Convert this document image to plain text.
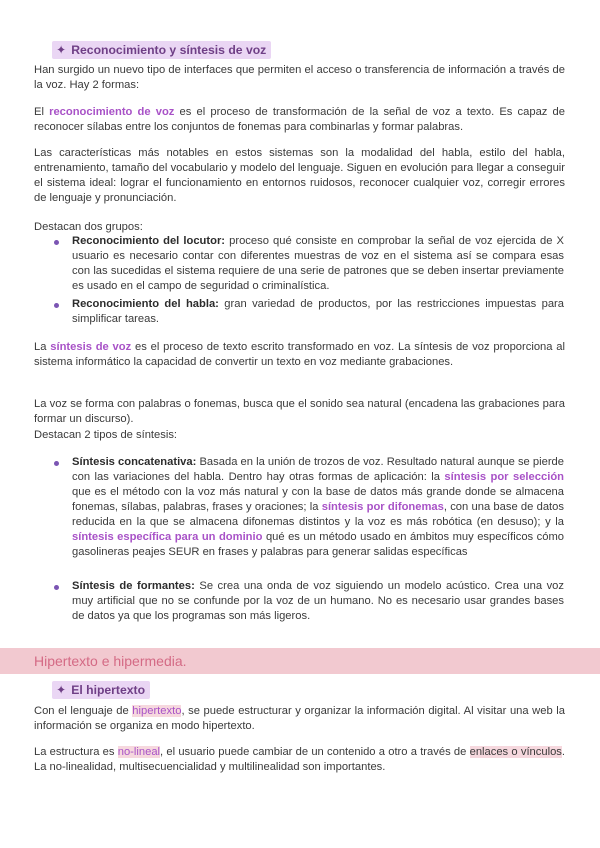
✦ Reconocimiento y síntesis de voz

Han surgido un nuevo tipo de interfaces que permiten el acceso o transferencia de información a través de la voz. Hay 2 formas:

El reconocimiento de voz es el proceso de transformación de la señal de voz a texto. Es capaz de reconocer sílabas entre los conjuntos de fonemas para combinarlas y formar palabras.

Las características más notables en estos sistemas son la modalidad del habla, estilo del habla, entrenamiento, tamaño del vocabulario y modelo del lenguaje. Siguen en evolución para llegar a conseguir el sistema ideal: lograr el funcionamiento en entornos ruidosos, reconocer cualquier voz, corregir errores de lenguaje y pronunciación.

Destacan dos grupos:

Reconocimiento del locutor: proceso qué consiste en comprobar la señal de voz ejercida de X usuario es necesario contar con diferentes muestras de voz en el sistema así se compara esas con las sucedidas el sistema requiere de una serie de patrones que se deben insertar previamente es usado en el campo de seguridad o criminalística.

Reconocimiento del habla: gran variedad de productos, por las restricciones impuestas para simplificar tareas.

La síntesis de voz es el proceso de texto escrito transformado en voz. La síntesis de voz proporciona al sistema informático la capacidad de convertir un texto en voz mediante grabaciones.

La voz se forma con palabras o fonemas, busca que el sonido sea natural (encadena las grabaciones para formar un discurso).

Destacan 2 tipos de síntesis:

Síntesis concatenativa: Basada en la unión de trozos de voz. Resultado natural aunque se pierde con las variaciones del habla. Dentro hay otras formas de aplicación: la síntesis por selección que es el método con la voz más natural y con la base de datos más grande donde se almacena fonemas, sílabas, palabras, frases y oraciones; la síntesis por difonemas, con una base de datos reducida en la que se almacena difonemas distintos y la voz es más robótica (en desuso); y la síntesis específica para un dominio qué es un método usado en ámbitos muy específicos cómo gasolineras peajes SEUR en frases y palabras para generar salidas específicas

Síntesis de formantes: Se crea una onda de voz siguiendo un modelo acústico. Crea una voz muy artificial que no se confunde por la voz de un humano. No es necesario usar grandes bases de datos ya que los programas son más ligeros.

Hipertexto e hipermedia.
✦ El hipertexto

Con el lenguaje de hipertexto, se puede estructurar y organizar la información digital. Al visitar una web la información se organiza en modo hipertexto.

La estructura es no-lineal, el usuario puede cambiar de un contenido a otro a través de enlaces o vínculos. La no-linealidad, multisecuencialidad y multilinealidad son importantes.
